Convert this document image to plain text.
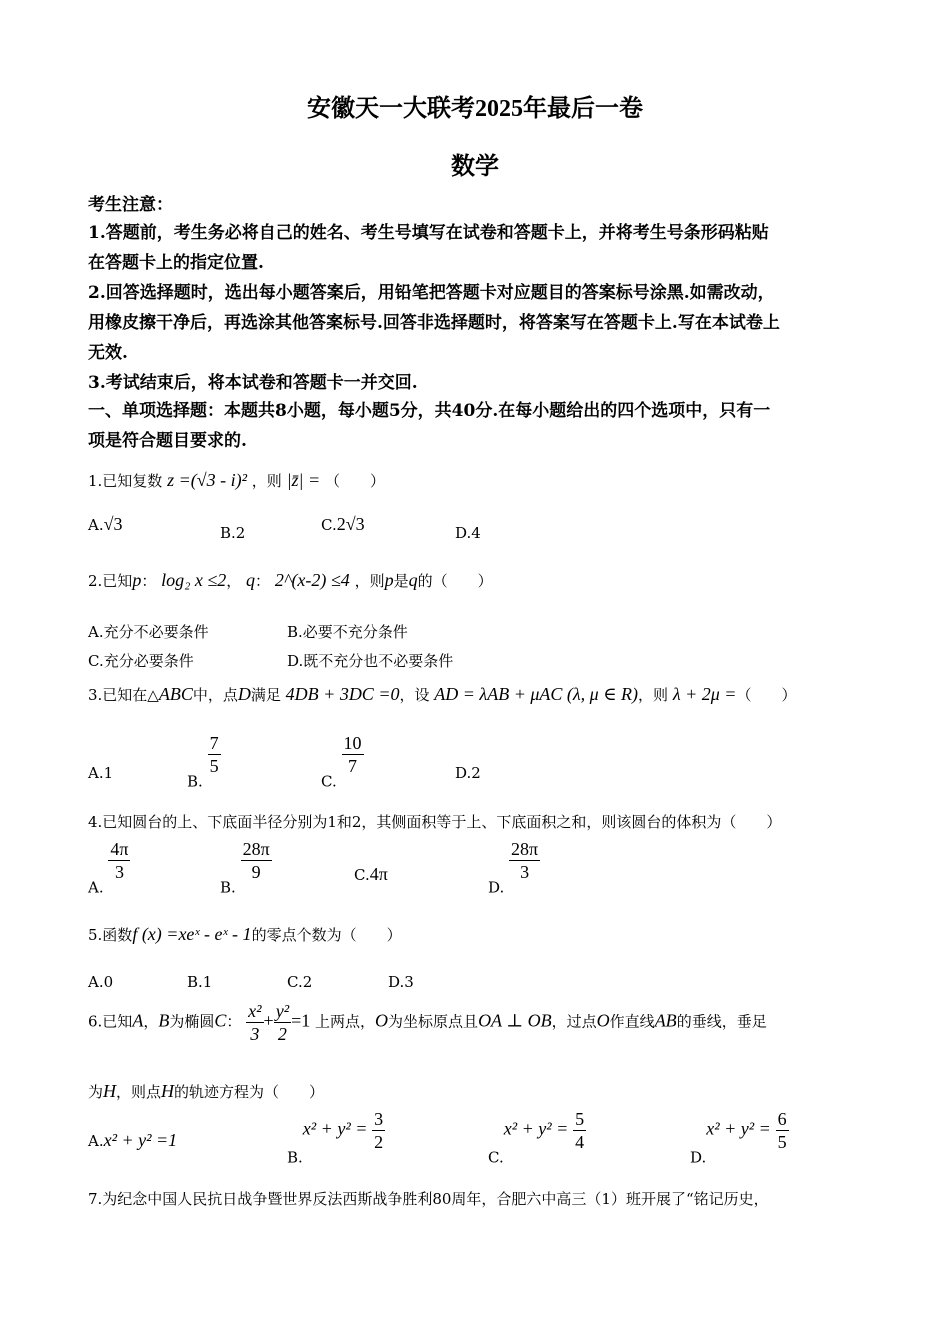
安徽天一大联考2025年最后一卷
数学
考生注意：
1.答题前，考生务必将自己的姓名、考生号填写在试卷和答题卡上，并将考生号条形码粘贴
在答题卡上的指定位置.
2.回答选择题时，选出每小题答案后，用铅笔把答题卡对应题目的答案标号涂黑.如需改动，
用橡皮擦干净后，再选涂其他答案标号.回答非选择题时，将答案写在答题卡上.写在本试卷上
无效.
3.考试结束后，将本试卷和答题卡一并交回.
一、单项选择题：本题共8小题，每小题5分，共40分.在每小题给出的四个选项中，只有一
项是符合题目要求的.
1.已知复数 z =(√3 - i)² ，则 |z̄| = （　　）
A.√3	B.2	C.2√3	D.4
2.已知p： log₂ x ≤2， q： 2^(x-2) ≤4 ，则p是q的（　　）
A.充分不必要条件	B.必要不充分条件
C.充分必要条件	D.既不充分也不必要条件
3.已知在△ABC中，点D满足 4DB + 3DC =0，设 AD = λAB + μAC (λ, μ ∈ R)，则 λ + 2μ =（　　）
A.1	B.
$\frac{7}{5}$
C.
$\frac{10}{7}$	D.2
4.已知圆台的上、下底面半径分别为1和2，其侧面积等于上、下底面积之和，则该圆台的体积为（　　）
A.
$\frac{4\pi}{3}$
B.
$\frac{28\pi}{9}$	C.4π
D.
$\frac{28\pi}{3}$
5.函数f (x) =xeˣ - eˣ - 1的零点个数为（　　）
A.0	B.1	C.2	D.3
6.已知A，B为椭圆C： $\frac{\text{x²}}{3} + \frac{\text{y²}}{2} =1$ 上两点，O为坐标原点且OA ⊥ OB，过点O作直线AB的垂线，垂足
为H，则点H的轨迹方程为（　　）
A.x² + y² =1
$B.x^2 + y^2 = \frac{3}{2}$
$C.x^2 + y^2 = \frac{5}{4}$
$D.x^2 + y^2 = \frac{6}{5}$
7.为纪念中国人民抗日战争暨世界反法西斯战争胜利80周年，合肥六中高三（1）班开展了“铭记历史，
